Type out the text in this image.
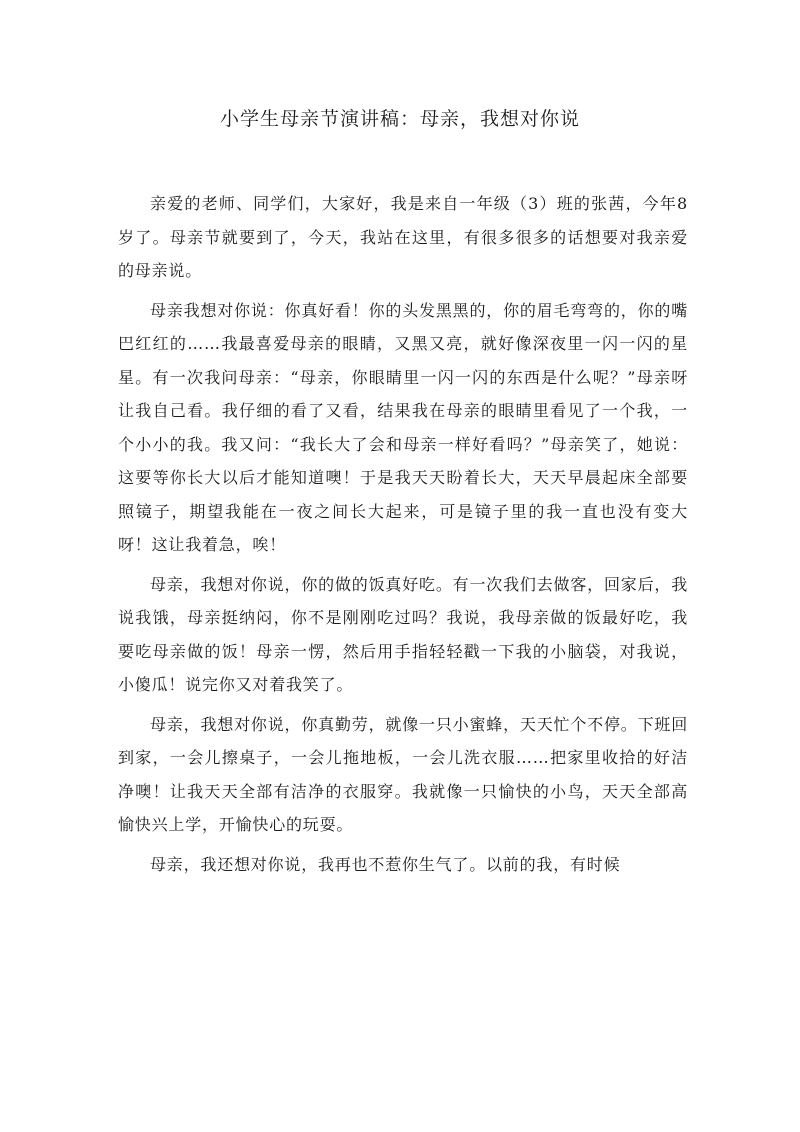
小学生母亲节演讲稿：母亲，我想对你说

亲爱的老师、同学们，大家好，我是来自一年级（3）班的张茜，今年8岁了。母亲节就要到了，今天，我站在这里，有很多很多的话想要对我亲爱的母亲说。

母亲我想对你说：你真好看！你的头发黑黑的，你的眉毛弯弯的，你的嘴巴红红的……我最喜爱母亲的眼睛，又黑又亮，就好像深夜里一闪一闪的星星。有一次我问母亲：“母亲，你眼睛里一闪一闪的东西是什么呢？”母亲呀让我自己看。我仔细的看了又看，结果我在母亲的眼睛里看见了一个我，一个小小的我。我又问：“我长大了会和母亲一样好看吗？”母亲笑了，她说：这要等你长大以后才能知道噢！于是我天天盼着长大，天天早晨起床全部要照镜子，期望我能在一夜之间长大起来，可是镜子里的我一直也没有变大呀！这让我着急，唉！

母亲，我想对你说，你的做的饭真好吃。有一次我们去做客，回家后，我说我饿，母亲挺纳闷，你不是刚刚吃过吗？我说，我母亲做的饭最好吃，我要吃母亲做的饭！母亲一愣，然后用手指轻轻戳一下我的小脑袋，对我说，小傻瓜！说完你又对着我笑了。

母亲，我想对你说，你真勤劳，就像一只小蜜蜂，天天忙个不停。下班回到家，一会儿擦桌子，一会儿拖地板，一会儿洗衣服……把家里收拾的好洁净噢！让我天天全部有洁净的衣服穿。我就像一只愉快的小鸟，天天全部高愉快兴上学，开愉快心的玩耍。

母亲，我还想对你说，我再也不惹你生气了。以前的我，有时候
